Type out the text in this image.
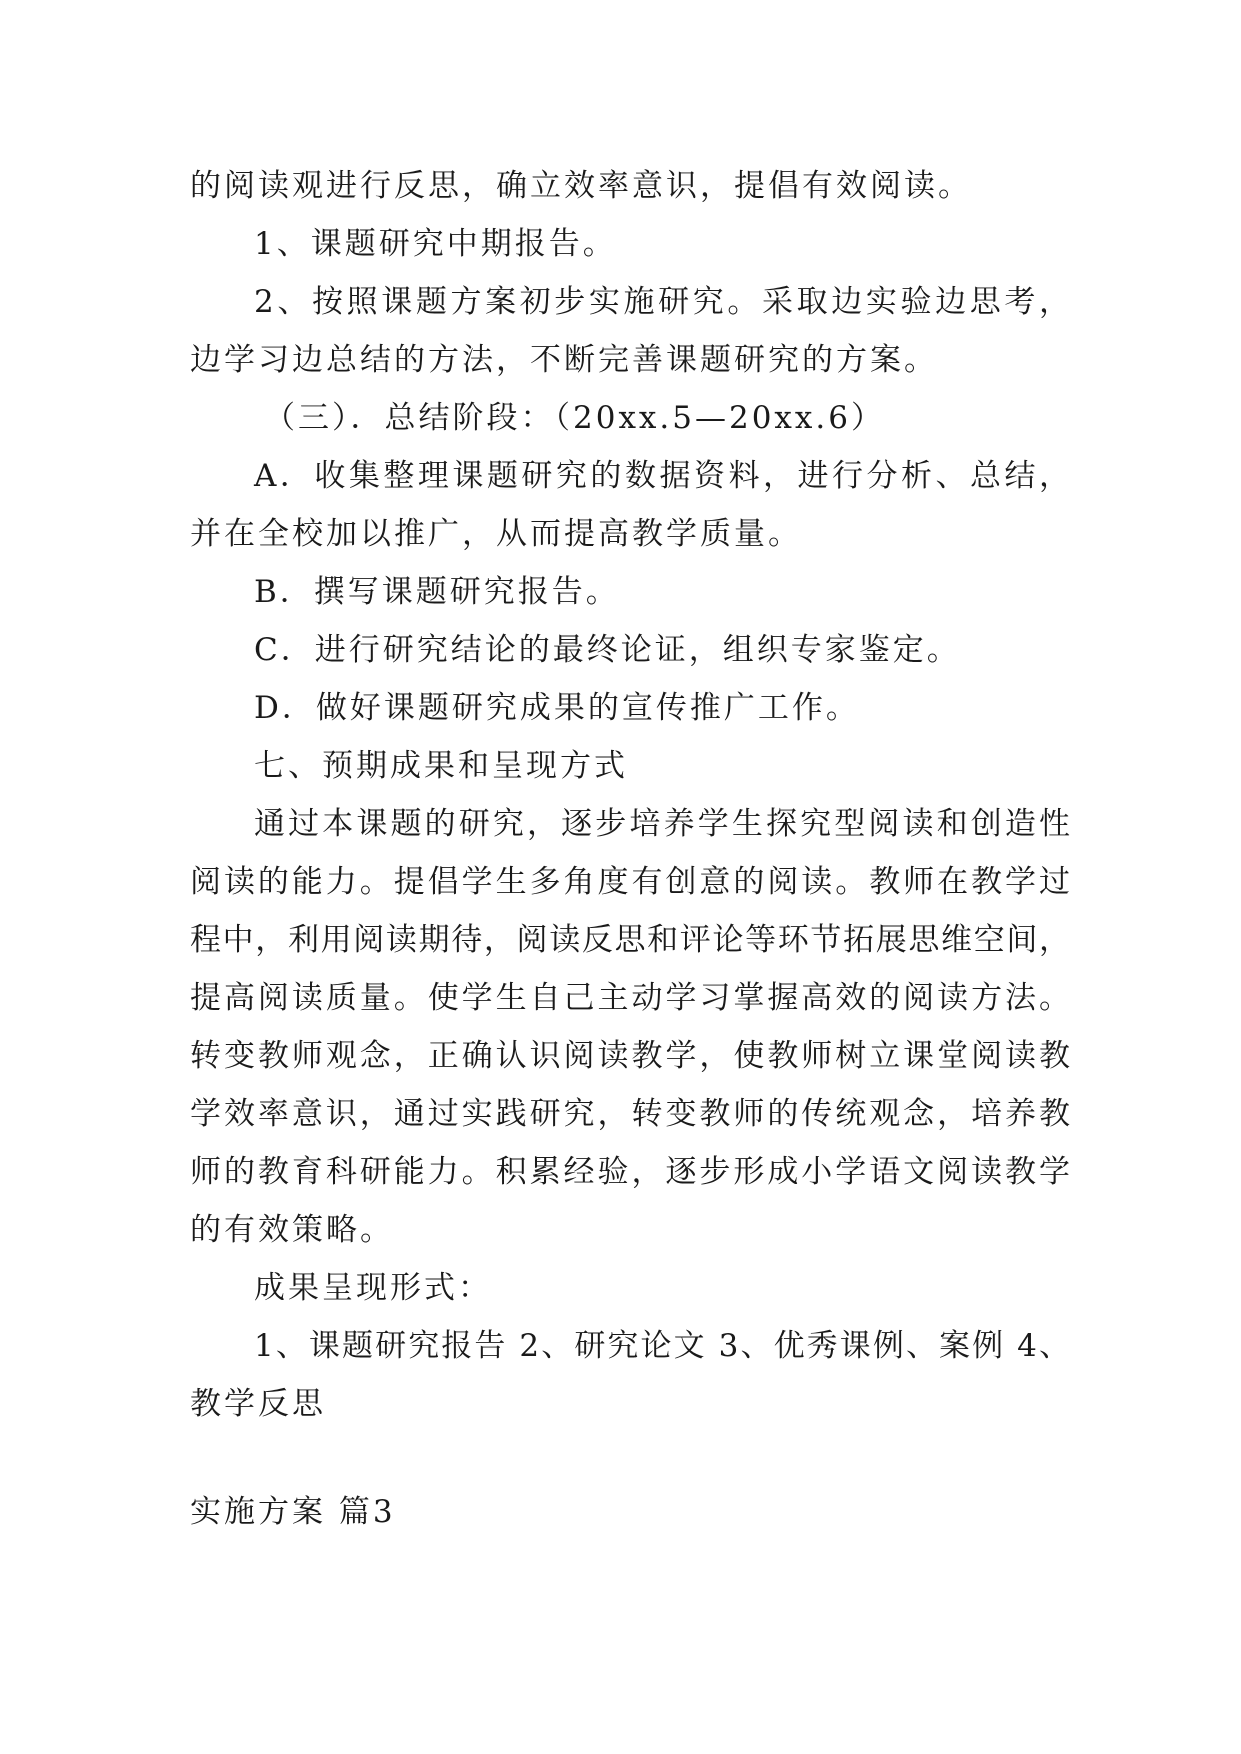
的阅读观进行反思，确立效率意识，提倡有效阅读。
1、课题研究中期报告。
2、按照课题方案初步实施研究。采取边实验边思考，
边学习边总结的方法，不断完善课题研究的方案。
（三）．总结阶段：（20xx.5—20xx.6）
A．收集整理课题研究的数据资料，进行分析、总结，
并在全校加以推广，从而提高教学质量。
B．撰写课题研究报告。
C．进行研究结论的最终论证，组织专家鉴定。
D．做好课题研究成果的宣传推广工作。
七、预期成果和呈现方式
通过本课题的研究，逐步培养学生探究型阅读和创造性
阅读的能力。提倡学生多角度有创意的阅读。教师在教学过
程中，利用阅读期待，阅读反思和评论等环节拓展思维空间，
提高阅读质量。使学生自己主动学习掌握高效的阅读方法。
转变教师观念，正确认识阅读教学，使教师树立课堂阅读教
学效率意识，通过实践研究，转变教师的传统观念，培养教
师的教育科研能力。积累经验，逐步形成小学语文阅读教学
的有效策略。
成果呈现形式：
1、课题研究报告 2、研究论文 3、优秀课例、案例 4、
教学反思
实施方案 篇3
